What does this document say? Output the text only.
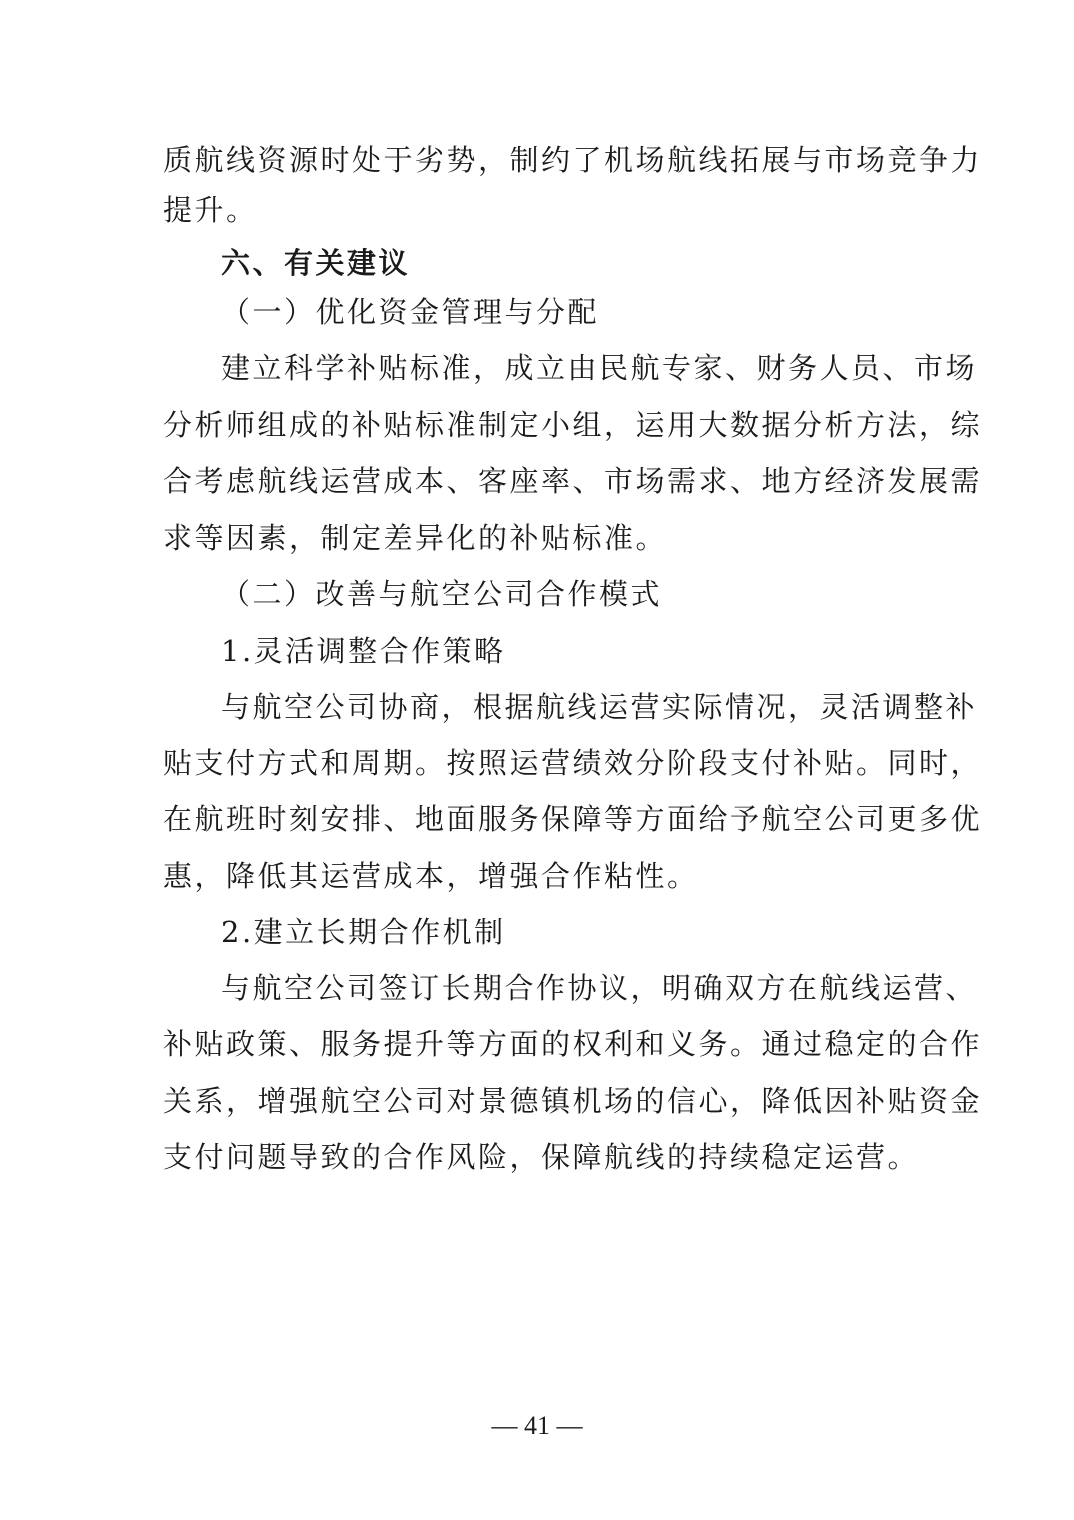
质航线资源时处于劣势，制约了机场航线拓展与市场竞争力
提升。
六、有关建议
（一）优化资金管理与分配
建立科学补贴标准，成立由民航专家、财务人员、市场
分析师组成的补贴标准制定小组，运用大数据分析方法，综
合考虑航线运营成本、客座率、市场需求、地方经济发展需
求等因素，制定差异化的补贴标准。
（二）改善与航空公司合作模式
1.灵活调整合作策略
与航空公司协商，根据航线运营实际情况，灵活调整补
贴支付方式和周期。按照运营绩效分阶段支付补贴。同时，
在航班时刻安排、地面服务保障等方面给予航空公司更多优
惠，降低其运营成本，增强合作粘性。
2.建立长期合作机制
与航空公司签订长期合作协议，明确双方在航线运营、
补贴政策、服务提升等方面的权利和义务。通过稳定的合作
关系，增强航空公司对景德镇机场的信心，降低因补贴资金
支付问题导致的合作风险，保障航线的持续稳定运营。
— 41 —
